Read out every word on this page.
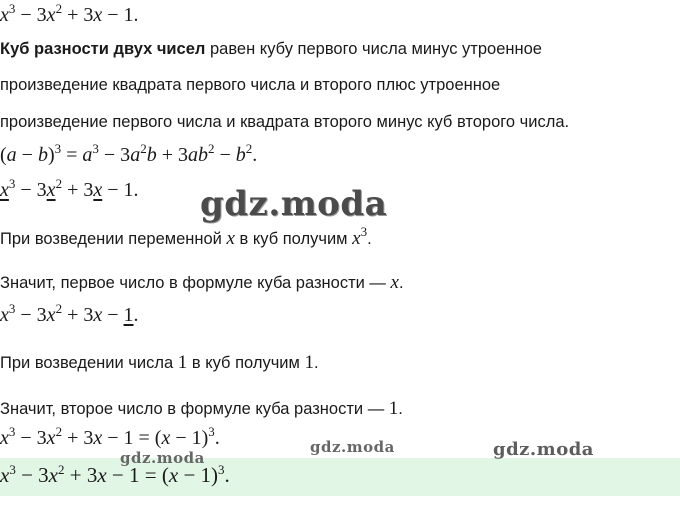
$x^3 - 3x^2 + 3x - 1$.
Куб разности двух чисел равен кубу первого числа минус утроенное
произведение квадрата первого числа и второго плюс утроенное
произведение первого числа и квадрата второго минус куб второго числа.
$(a - b)^3 = a^3 - 3a^2b + 3ab^2 - b^2$.
$x^3 - 3x^2 + 3x - 1$.
При возведении переменной x в куб получим $x^3$.
Значит, первое число в формуле куба разности — x.
$x^3 - 3x^2 + 3x - 1$.
При возведении числа 1 в куб получим 1.
Значит, второе число в формуле куба разности — 1.
$x^3 - 3x^2 + 3x - 1 = (x - 1)^3$.
$x^3 - 3x^2 + 3x - 1 = (x - 1)^3$.
gdz.moda
gdz.moda
gdz.moda	gdz.moda
